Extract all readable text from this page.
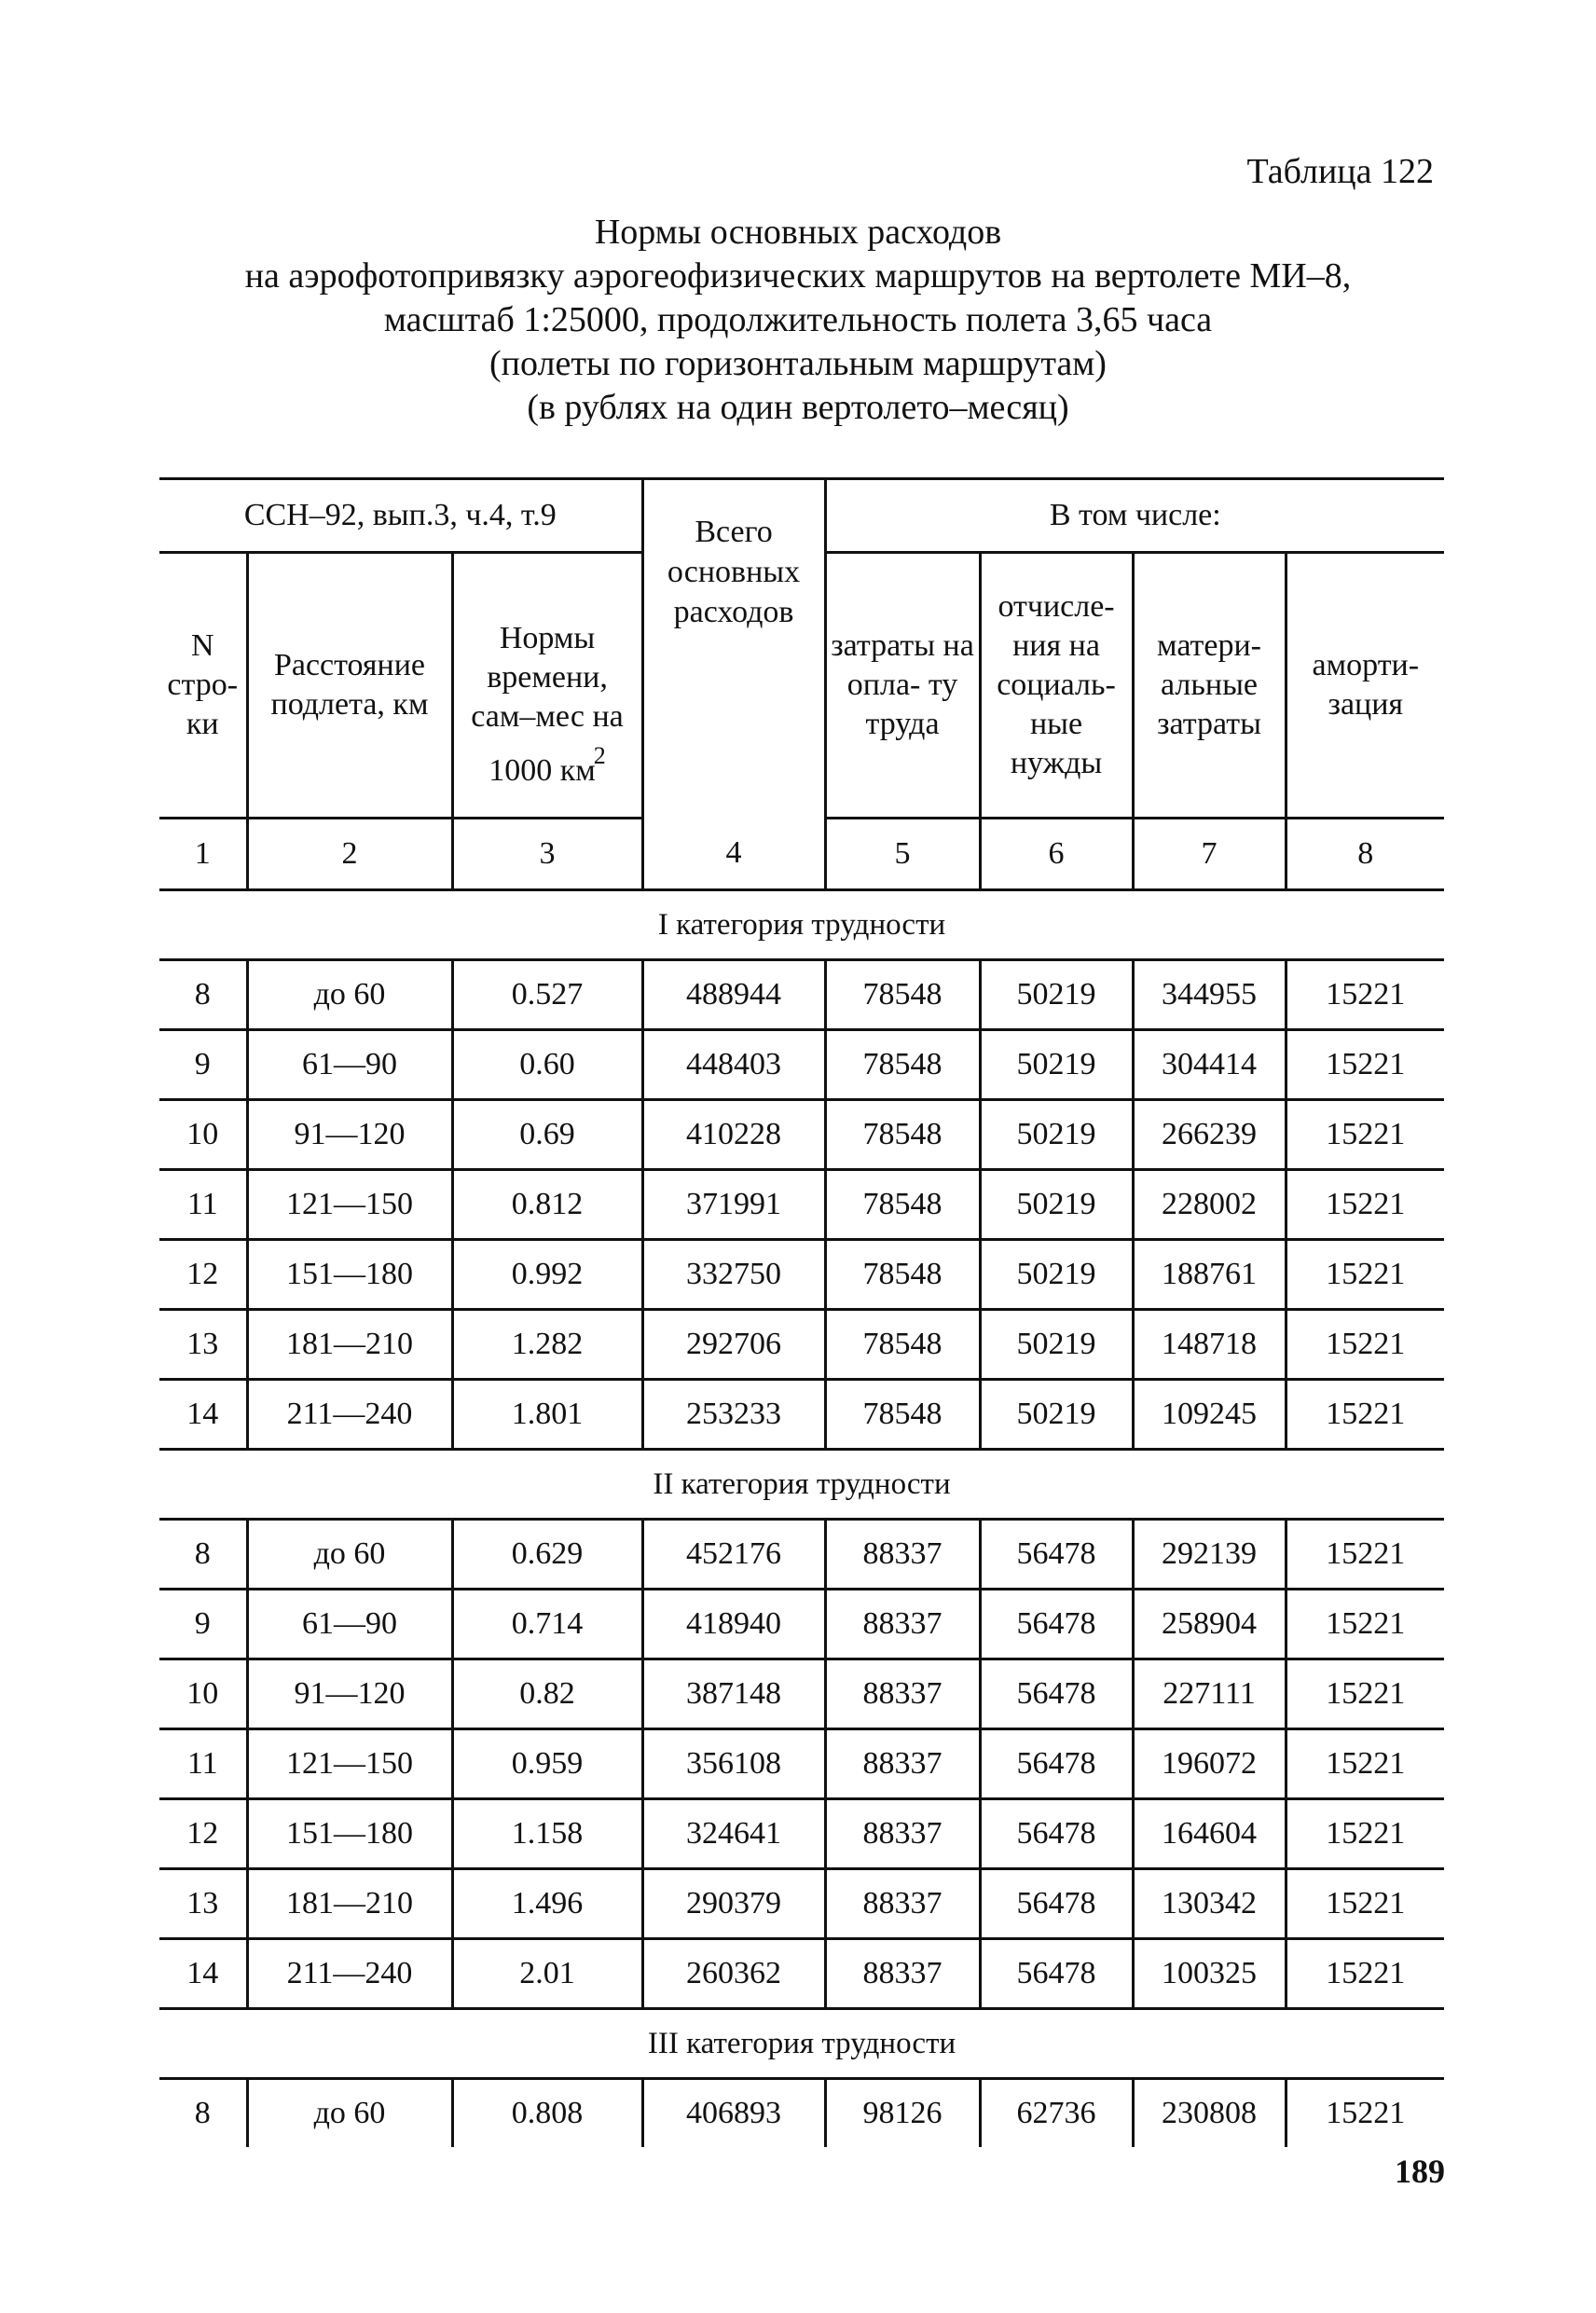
Таблица 122
Нормы основных расходов
на аэрофотопривязку аэрогеофизических маршрутов на вертолете МИ–8,
масштаб 1:25000, продолжительность полета 3,65 часа
(полеты по горизонтальным маршрутам)
(в рублях на один вертолето–месяц)
ССН–92, вып.3, ч.4, т.9			Всего основных расходов	В том числе:			
N стро- ки	Расстояние подлета, км	Нормы времени, сам–мес на 1000 $км^2$		затраты на опла- ту труда	отчисле- ния на социаль- ные нужды	матери- альные затраты	аморти- зация
1	2	3	4	5	6	7	8
I категория трудности							
8	до 60	0.527	488944	78548	50219	344955	15221
9	61—90	0.60	448403	78548	50219	304414	15221
10	91—120	0.69	410228	78548	50219	266239	15221
11	121—150	0.812	371991	78548	50219	228002	15221
12	151—180	0.992	332750	78548	50219	188761	15221
13	181—210	1.282	292706	78548	50219	148718	15221
14	211—240	1.801	253233	78548	50219	109245	15221
II категория трудности							
8	до 60	0.629	452176	88337	56478	292139	15221
9	61—90	0.714	418940	88337	56478	258904	15221
10	91—120	0.82	387148	88337	56478	227111	15221
11	121—150	0.959	356108	88337	56478	196072	15221
12	151—180	1.158	324641	88337	56478	164604	15221
13	181—210	1.496	290379	88337	56478	130342	15221
14	211—240	2.01	260362	88337	56478	100325	15221
III категория трудности							
8	до 60	0.808	406893	98126	62736	230808	15221
189
